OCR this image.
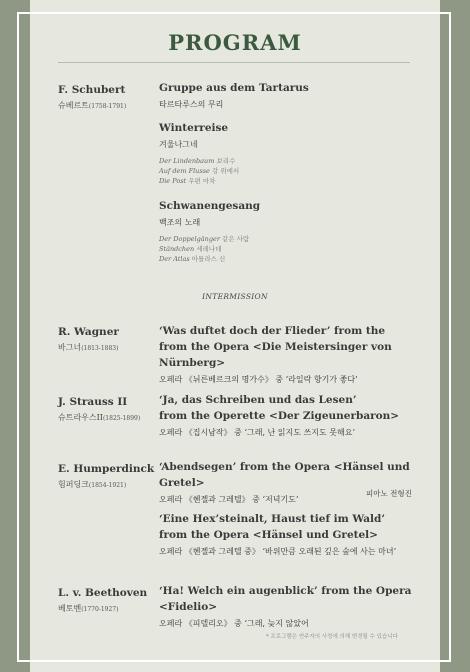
PROGRAM
F. Schubert
슈베르트(1758-1791)
Gruppe aus dem Tartarus
타르타루스의 무리
Winterreise
겨울나그네
Der Lindenbaum 보리수
Auf dem Flusse 강 위에서
Die Post 우편 마차
Schwanengesang
백조의 노래
Der Doppelgänger 같은 사람
Ständchen 세레나데
Der Atlas 아틀라스 신
INTERMISSION
R. Wagner
바그너(1813-1883)
‘Was duftet doch der Flieder’ from the
from the Opera <Die Meistersinger von Nürnberg>
오페라 《뉘른베르크의 명가수》 중 ‘라일락 향기가 좋다’
J. Strauss II
슈트라우스II(1825-1899)
‘Ja, das Schreiben und das Lesen’
from the Operette <Der Zigeunerbaron>
오페라 《집시남작》 중 ‘그래, 난 읽지도 쓰지도 못해요’
E. Humperdinck
험퍼딩크(1854-1921)
‘Abendsegen’ from the Opera <Hänsel und Gretel>
오페라 《헨젤과 그레텔》 중 ‘저녁기도’
피아노 전형진
‘Eine Hex’steinalt, Haust tief im Wald’
from the Opera <Hänsel und Gretel>
오페라 《헨젤과 그레텔 중》 ‘바위만큼 오래된 깊은 숲에 사는 마녀’
L. v. Beethoven
베토벤(1770-1927)
‘Ha! Welch ein augenblick’ from the Opera <Fidelio>
오페라 《피델리오》 중 ‘그래, 늦지 않았어
* 프로그램은 연주자의 사정에 의해 변경될 수 있습니다
